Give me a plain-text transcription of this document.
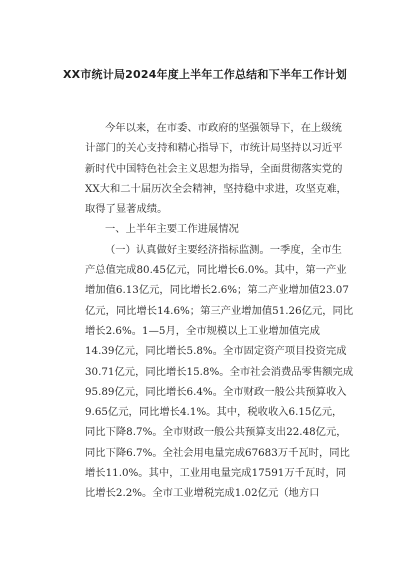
XX市统计局2024年度上半年工作总结和下半年工作计划
今年以来，在市委、市政府的坚强领导下，在上级统
计部门的关心支持和精心指导下，市统计局坚持以习近平
新时代中国特色社会主义思想为指导，全面贯彻落实党的
XX大和二十届历次全会精神，坚持稳中求进，攻坚克难，
取得了显著成绩。
一、上半年主要工作进展情况
（一）认真做好主要经济指标监测。一季度，全市生
产总值完成80.45亿元，同比增长6.0%。其中，第一产业
增加值6.13亿元，同比增长2.6%；第二产业增加值23.07
亿元，同比增长14.6%；第三产业增加值51.26亿元，同比
增长2.6%。1—5月，全市规模以上工业增加值完成
14.39亿元，同比增长5.8%。全市固定资产项目投资完成
30.71亿元，同比增长15.8%。全市社会消费品零售额完成
95.89亿元，同比增长6.4%。全市财政一般公共预算收入
9.65亿元，同比增长4.1%。其中，税收收入6.15亿元，
同比下降8.7%。全市财政一般公共预算支出22.48亿元，
同比下降6.7%。全社会用电量完成67683万千瓦时，同比
增长11.0%。其中，工业用电量完成17591万千瓦时，同
比增长2.2%。全市工业增税完成1.02亿元（地方口
